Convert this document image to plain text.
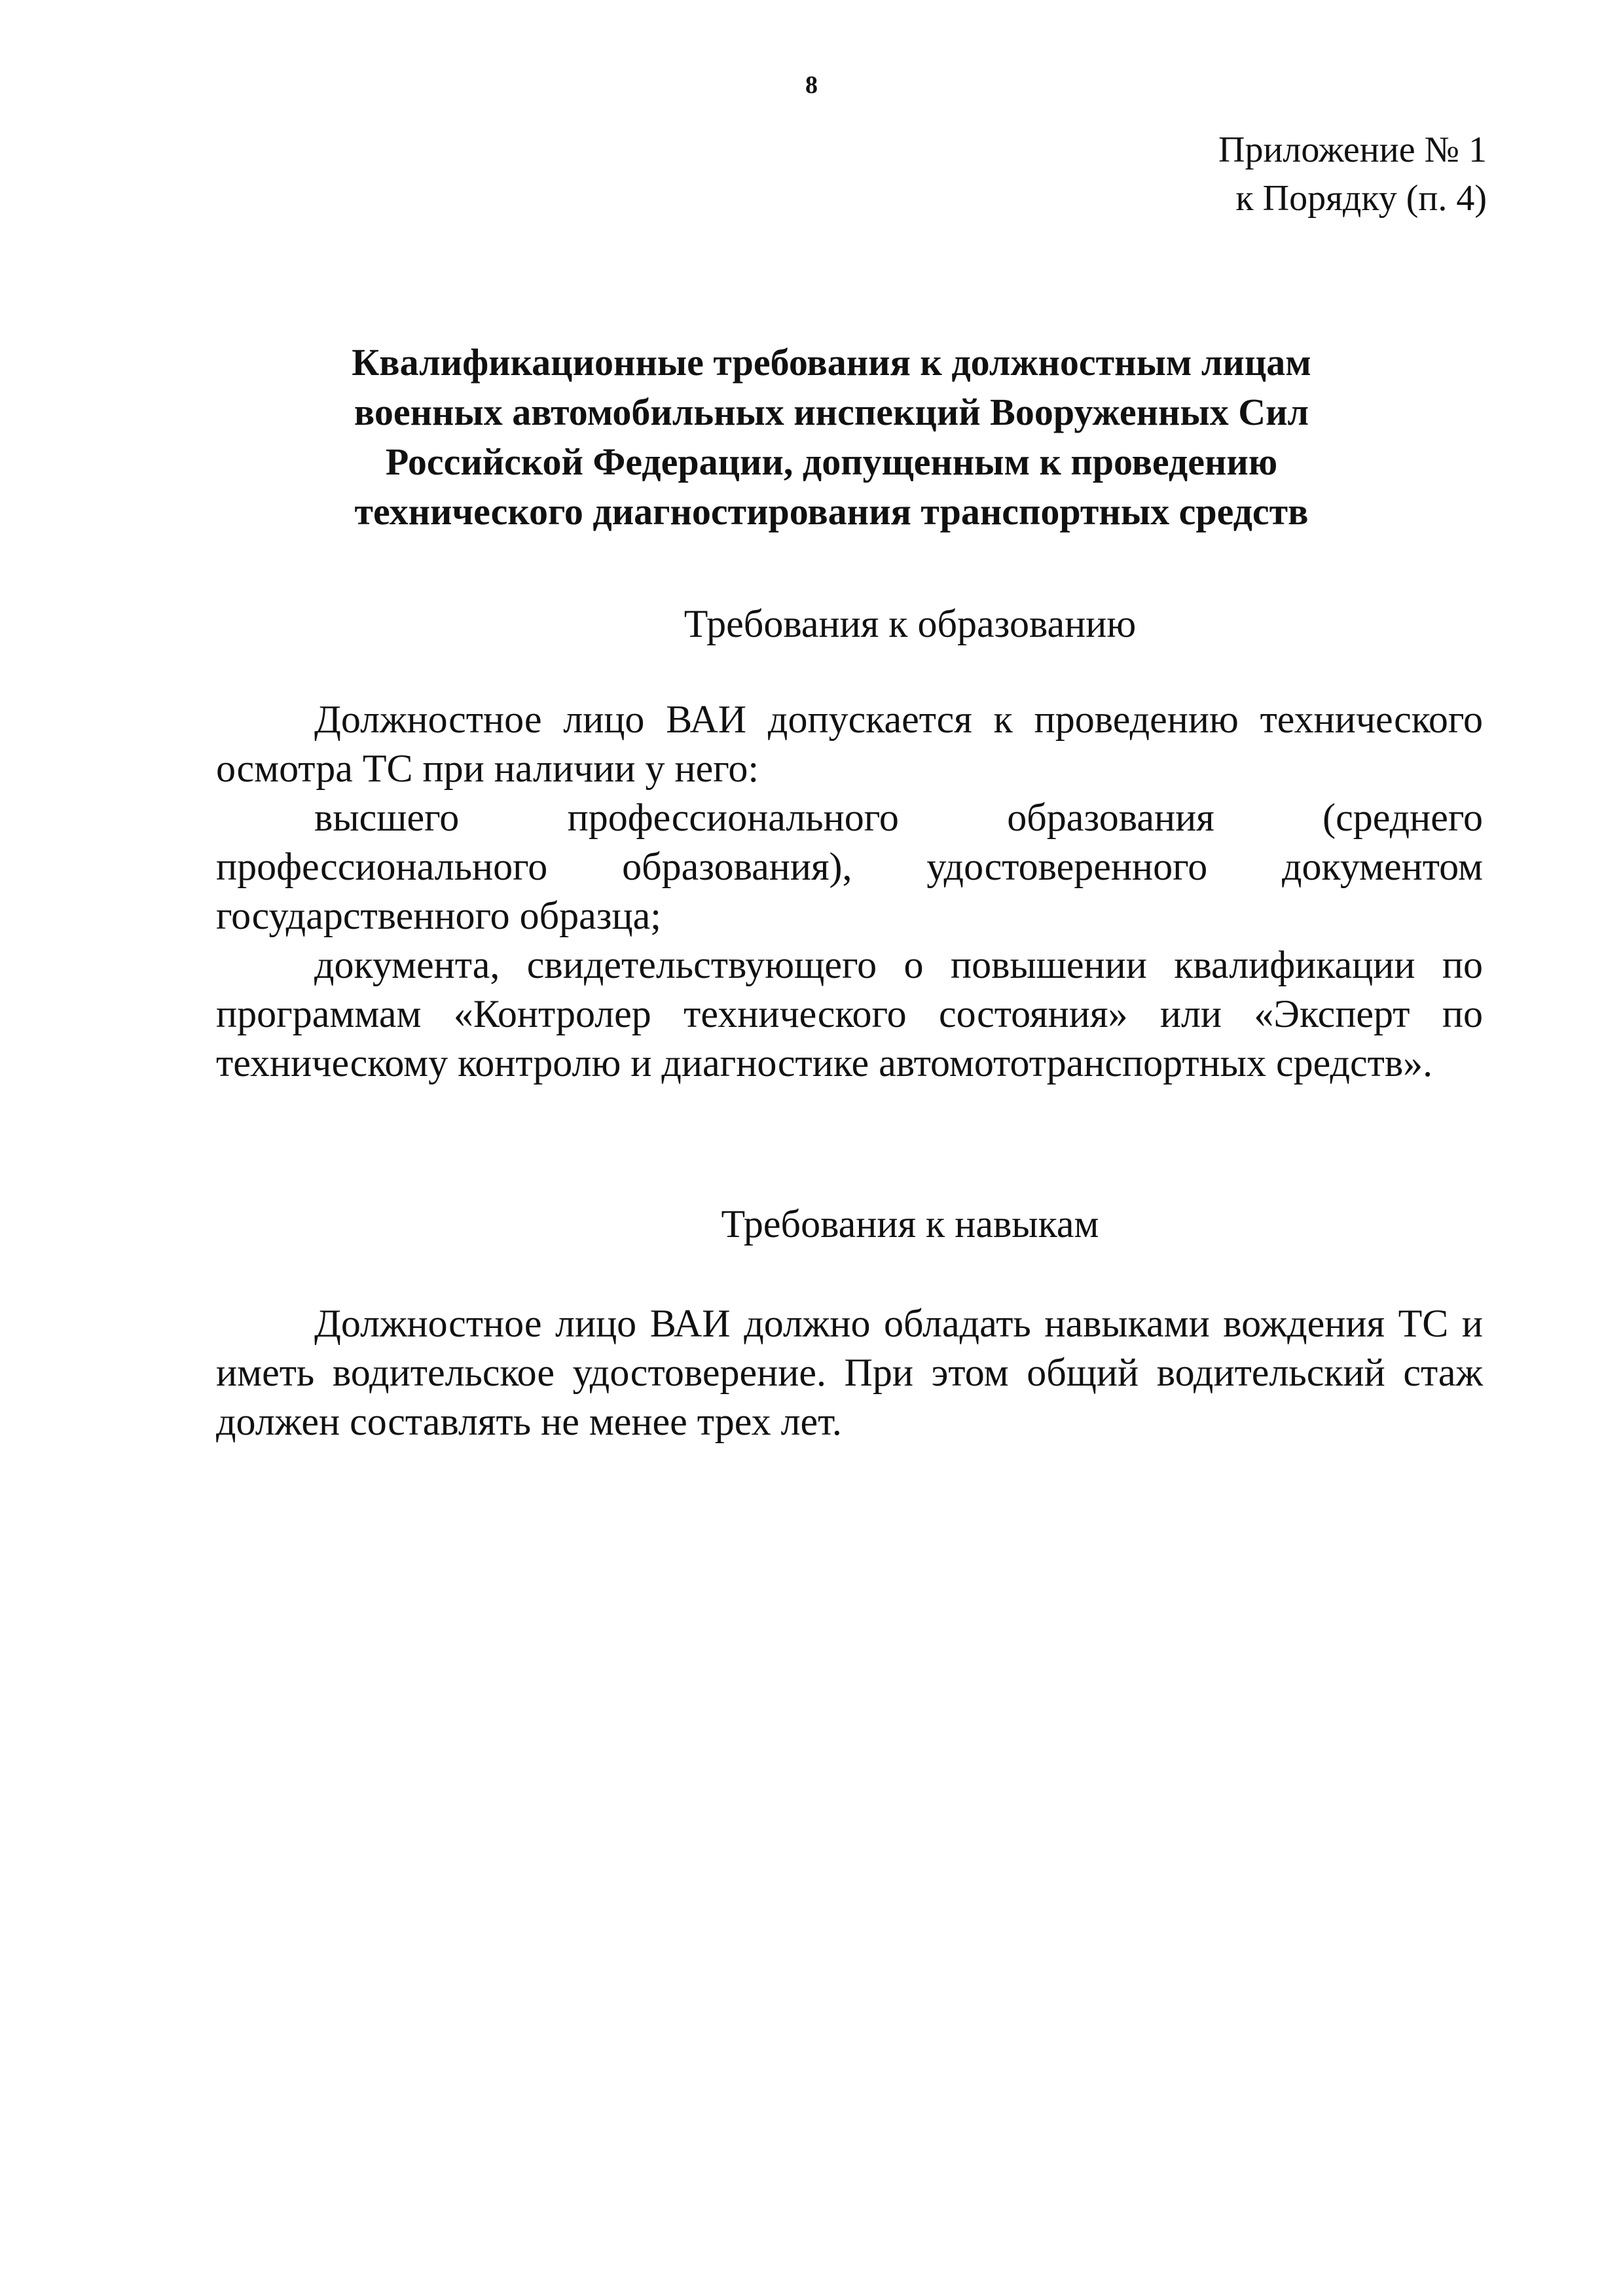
8
Приложение № 1
к Порядку (п. 4)
Квалификационные требования к должностным лицам
военных автомобильных инспекций Вооруженных Сил
Российской Федерации, допущенным к проведению
технического диагностирования транспортных средств
Требования к образованию

Должностное лицо ВАИ допускается к проведению технического осмотра ТС при наличии у него:

высшего профессионального образования (среднего профессионального образования), удостоверенного документом государственного образца;

документа, свидетельствующего о повышении квалификации по программам «Контролер технического состояния» или «Эксперт по техническому контролю и диагностике автомототранспортных средств».

Требования к навыкам

Должностное лицо ВАИ должно обладать навыками вождения ТС и иметь водительское удостоверение. При этом общий водительский стаж должен составлять не менее трех лет.
